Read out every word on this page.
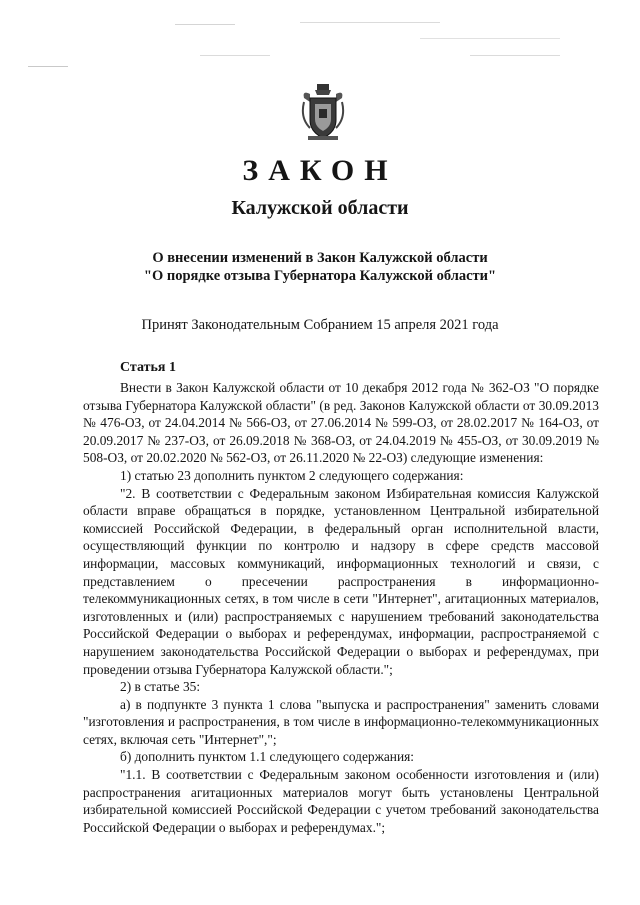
ЗАКОН
Калужской области
О внесении изменений в Закон Калужской области
"О порядке отзыва Губернатора Калужской области"
Принят Законодательным Собранием 15 апреля 2021 года
Статья 1

Внести в Закон Калужской области от 10 декабря 2012 года № 362-ОЗ "О порядке отзыва Губернатора Калужской области" (в ред. Законов Калужской области от 30.09.2013 № 476-ОЗ, от 24.04.2014 № 566-ОЗ, от 27.06.2014 № 599-ОЗ, от 28.02.2017 № 164-ОЗ, от 20.09.2017 № 237-ОЗ, от 26.09.2018 № 368-ОЗ, от 24.04.2019 № 455-ОЗ, от 30.09.2019 № 508-ОЗ, от 20.02.2020 № 562-ОЗ, от 26.11.2020 № 22-ОЗ) следующие изменения:

1) статью 23 дополнить пунктом 2 следующего содержания:

"2. В соответствии с Федеральным законом Избирательная комиссия Калужской области вправе обращаться в порядке, установленном Центральной избирательной комиссией Российской Федерации, в федеральный орган исполнительной власти, осуществляющий функции по контролю и надзору в сфере средств массовой информации, массовых коммуникаций, информационных технологий и связи, с представлением о пресечении распространения в информационно-телекоммуникационных сетях, в том числе в сети "Интернет", агитационных материалов, изготовленных и (или) распространяемых с нарушением требований законодательства Российской Федерации о выборах и референдумах, информации, распространяемой с нарушением законодательства Российской Федерации о выборах и референдумах, при проведении отзыва Губернатора Калужской области.";

2) в статье 35:

а) в подпункте 3 пункта 1 слова "выпуска и распространения" заменить словами "изготовления и распространения, в том числе в информационно-телекоммуникационных сетях, включая сеть "Интернет",";

б) дополнить пунктом 1.1 следующего содержания:

"1.1. В соответствии с Федеральным законом особенности изготовления и (или) распространения агитационных материалов могут быть установлены Центральной избирательной комиссией Российской Федерации с учетом требований законодательства Российской Федерации о выборах и референдумах.";
